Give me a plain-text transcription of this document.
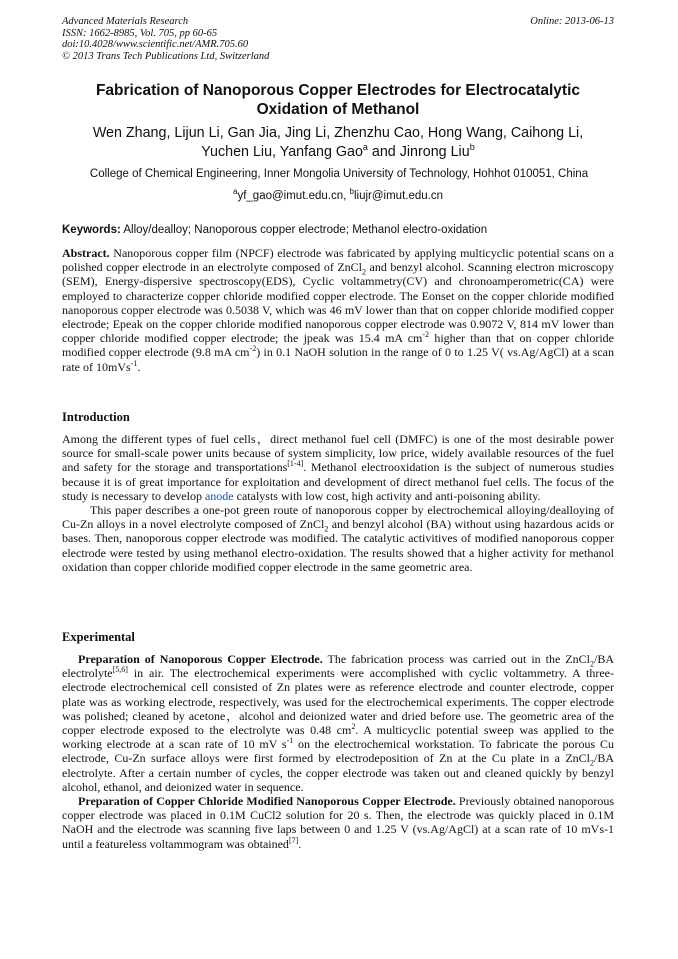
Advanced Materials Research
ISSN: 1662-8985, Vol. 705, pp 60-65
doi:10.4028/www.scientific.net/AMR.705.60
© 2013 Trans Tech Publications Ltd, Switzerland
Online: 2013-06-13
Fabrication of Nanoporous Copper Electrodes for Electrocatalytic
Oxidation of Methanol
Wen Zhang, Lijun Li, Gan Jia, Jing Li, Zhenzhu Cao, Hong Wang, Caihong Li,
Yuchen Liu, Yanfang Gao$^a$ and Jinrong Liu$^b$
College of Chemical Engineering, Inner Mongolia University of Technology, Hohhot 010051, China
$^a$yf_gao@imut.edu.cn, $^b$liujr@imut.edu.cn
Keywords: Alloy/dealloy; Nanoporous copper electrode; Methanol electro-oxidation
Abstract. Nanoporous copper film (NPCF) electrode was fabricated by applying multicyclic potential scans on a polished copper electrode in an electrolyte composed of ZnCl$_2$ and benzyl alcohol. Scanning electron microscopy (SEM), Energy-dispersive spectroscopy(EDS), Cyclic voltammetry(CV) and chronoamperometric(CA) were employed to characterize copper chloride modified copper electrode. The Eonset on the copper chloride modified nanoporous copper electrode was 0.5038 V, which was 46 mV lower than that on copper chloride modified copper electrode; Epeak on the copper chloride modified nanoporous copper electrode was 0.9072 V, 814 mV lower than copper chloride modified copper electrode; the jpeak was 15.4 mA $cm^{-2}$ higher than that on copper chloride modified copper electrode (9.8 mA $cm^{-2}$) in 0.1 NaOH solution in the range of 0 to 1.25 V( vs.Ag/AgCl) at a scan rate of 10mVs$^{-1}$.
Introduction

Among the different types of fuel cells，direct methanol fuel cell (DMFC) is one of the most desirable power source for small-scale power units because of system simplicity, low price, widely available resources of the fuel and safety for the storage and transportations[1-4]. Methanol electrooxidation is the subject of numerous studies because it is of great importance for exploitation and development of direct methanol fuel cells. The focus of the study is necessary to develop anode catalysts with low cost, high activity and anti-poisoning ability.

This paper describes a one-pot green route of nanoporous copper by electrochemical alloying/dealloying of Cu-Zn alloys in a novel electrolyte composed of ZnCl$_2$ and benzyl alcohol (BA) without using hazardous acids or bases. Then, nanoporous copper electrode was modified. The catalytic activitives of modified nanoporous copper electrode were tested by using methanol electro-oxidation. The results showed that a higher activity for methanol oxidation than copper chloride modified copper electrode in the same geometric area.

Experimental

Preparation of Nanoporous Copper Electrode. The fabrication process was carried out in the ZnCl$_2$/BA electrolyte[5,6] in air. The electrochemical experiments were accomplished with cyclic voltammetry. A three-electrode electrochemical cell consisted of Zn plates were as reference electrode and counter electrode, copper plate was as working electrode, respectively, was used for the electrochemical experiments. The copper electrode was polished; cleaned by acetone，alcohol and deionized water and dried before use. The geometric area of the copper electrode exposed to the electrolyte was 0.48 $cm^2$. A multicyclic potential sweep was applied to the working electrode at a scan rate of 10 mV $s^{-1}$ on the electrochemical workstation. To fabricate the porous Cu electrode, Cu-Zn surface alloys were first formed by electrodeposition of Zn at the Cu plate in a ZnCl$_2$/BA electrolyte. After a certain number of cycles, the copper electrode was taken out and cleaned quickly by benzyl alcohol, ethanol, and deionized water in sequence.

Preparation of Copper Chloride Modified Nanoporous Copper Electrode. Previously obtained nanoporous copper electrode was placed in 0.1M CuCl2 solution for 20 s. Then, the electrode was quickly placed in 0.1M NaOH and the electrode was scanning five laps between 0 and 1.25 V (vs.Ag/AgCl) at a scan rate of 10 mVs-1 until a featureless voltammogram was obtained[7].
